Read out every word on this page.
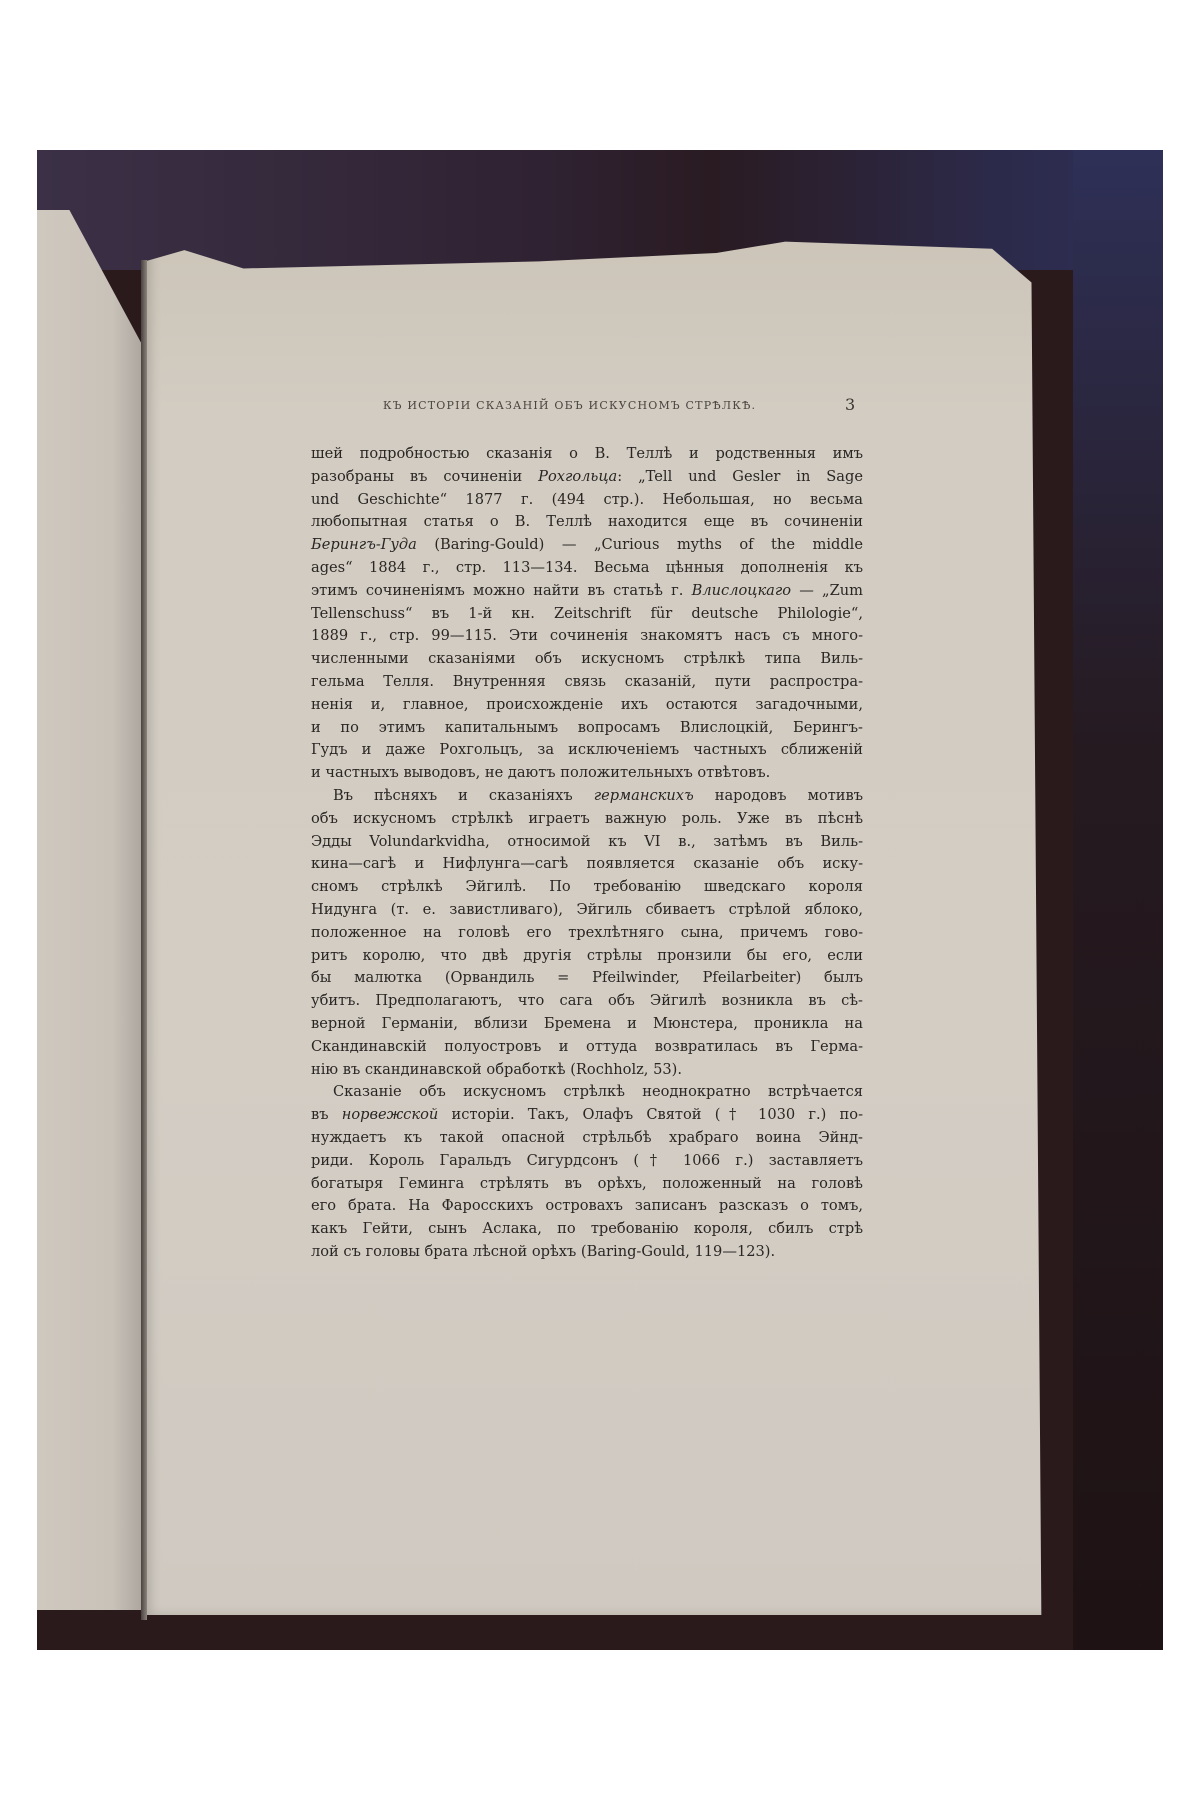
КЪ ИСТОРІИ СКАЗАНІЙ ОБЪ ИСКУСНОМЪ СТРѢЛКѢ.	3
шей подробностью сказанія о В. Теллѣ и родственныя имъ
разобраны въ сочиненіи Рохгольца: „Tell und Gesler in Sage
und Geschichte“ 1877 г. (494 стр.). Небольшая, но весьма
любопытная статья о В. Теллѣ находится еще въ сочиненіи
Берингъ-Гуда (Baring-Gould) — „Curious myths of the middle
ages“ 1884 г., стр. 113—134. Весьма цѣнныя дополненія къ
этимъ сочиненіямъ можно найти въ статьѣ г. Влислоцкаго — „Zum
Tellenschuss“ въ 1-й кн. Zeitschrift für deutsche Philologie“,
1889 г., стр. 99—115. Эти сочиненія знакомятъ насъ съ много-
численными сказаніями объ искусномъ стрѣлкѣ типа Виль-
гельма Телля. Внутренняя связь сказаній, пути распростра-
ненія и, главное, происхожденіе ихъ остаются загадочными,
и по этимъ капитальнымъ вопросамъ Влислоцкій, Берингъ-
Гудъ и даже Рохгольцъ, за исключеніемъ частныхъ сближеній
и частныхъ выводовъ, не даютъ положительныхъ отвѣтовъ.
Въ пѣсняхъ и сказаніяхъ германскихъ народовъ мотивъ
объ искусномъ стрѣлкѣ играетъ важную роль. Уже въ пѣснѣ
Эдды Volundarkvidha, относимой къ VI в., затѣмъ въ Виль-
кина—сагѣ и Нифлунга—сагѣ появляется сказаніе объ иску-
сномъ стрѣлкѣ Эйгилѣ. По требованію шведскаго короля
Нидунга (т. е. завистливаго), Эйгиль сбиваетъ стрѣлой яблоко,
положенное на головѣ его трехлѣтняго сына, причемъ гово-
ритъ королю, что двѣ другія стрѣлы пронзили бы его, если
бы малютка (Орвандиль = Pfeilwinder, Pfeilarbeiter) былъ
убитъ. Предполагаютъ, что сага объ Эйгилѣ возникла въ сѣ-
верной Германіи, вблизи Бремена и Мюнстера, проникла на
Скандинавскій полуостровъ и оттуда возвратилась въ Герма-
нію въ скандинавской обработкѣ (Rochholz, 53).
Сказаніе объ искусномъ стрѣлкѣ неоднократно встрѣчается
въ норвежской исторіи. Такъ, Олафъ Святой († 1030 г.) по-
нуждаетъ къ такой опасной стрѣльбѣ храбраго воина Эйнд-
риди. Король Гаральдъ Сигурдсонъ († 1066 г.) заставляетъ
богатыря Геминга стрѣлять въ орѣхъ, положенный на головѣ
его брата. На Фаросскихъ островахъ записанъ разсказъ о томъ,
какъ Гейти, сынъ Аслака, по требованію короля, сбилъ стрѣ
лой съ головы брата лѣсной орѣхъ (Baring-Gould, 119—123).
